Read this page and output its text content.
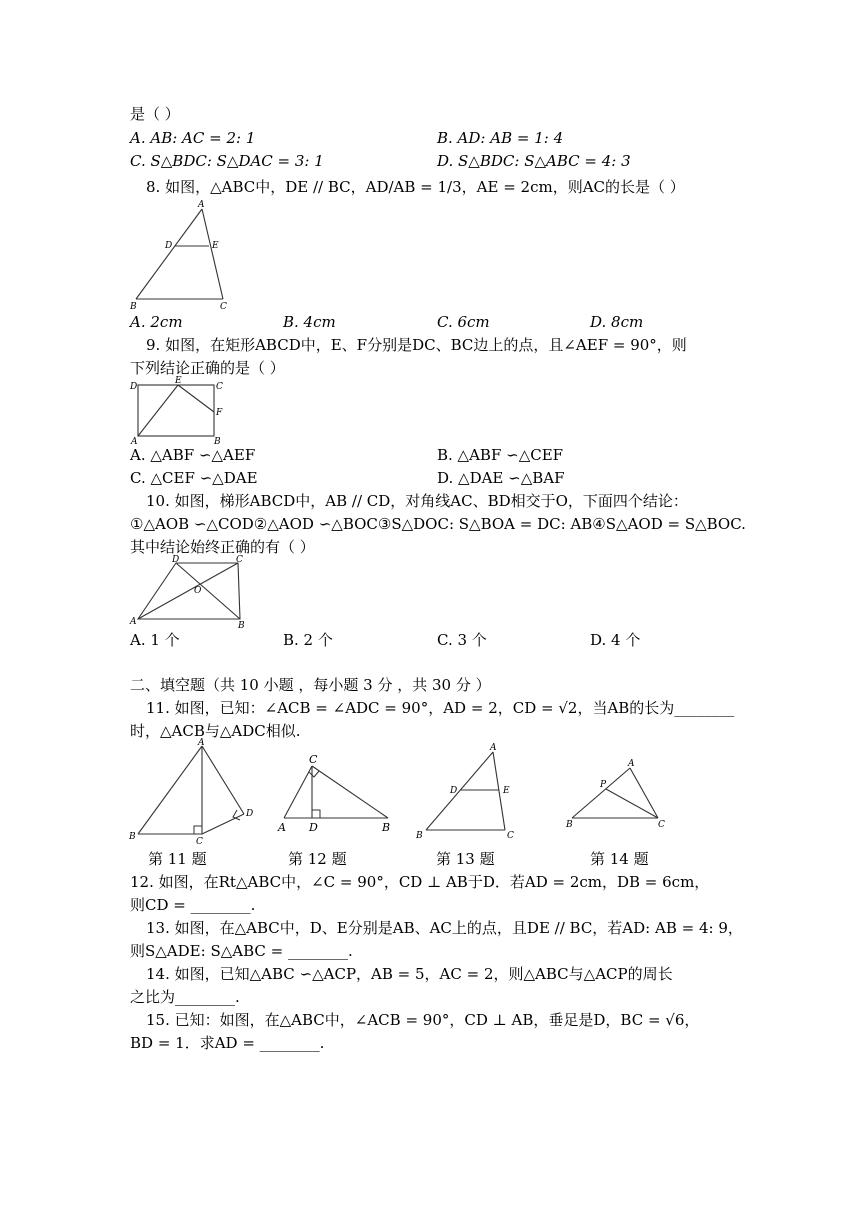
是（ ）
A. AB: AC = 2: 1	B. AD: AB = 1: 4
C. S△BDC: S△DAC = 3: 1	D. S△BDC: S△ABC = 4: 3
8. 如图，△ABC中，DE // BC，AD/AB = 1/3，AE = 2cm，则AC的长是（ ）
A
D	E
B	C
A. 2cm	B. 4cm	C. 6cm	D. 8cm
9. 如图，在矩形ABCD中，E、F分别是DC、BC边上的点，且∠AEF = 90°，则
下列结论正确的是（ ）
D
E
C
F
A	B
A. △ABF ∽△AEF	B. △ABF ∽△CEF
C. △CEF ∽△DAE	D. △DAE ∽△BAF
10. 如图，梯形ABCD中，AB // CD，对角线AC、BD相交于O，下面四个结论：
①△AOB ∽△COD②△AOD ∽△BOC③S△DOC: S△BOA = DC: AB④S△AOD = S△BOC.
其中结论始终正确的有（ ）
D	C
O
A	B
A. 1 个	B. 2 个	C. 3 个	D. 4 个
二、填空题（共 10 小题 ，每小题 3 分 ，共 30 分 ）
11. 如图，已知：∠ACB = ∠ADC = 90°，AD = 2，CD = √2，当AB的长为________
时，△ACB与△ADC相似.
A
D
B	C
第 11 题
C
A D	B
第 12 题
A
D	E
B	C
第 13 题
A
P
B	C
第 14 题
12. 如图，在Rt△ABC中，∠C = 90°，CD ⊥ AB于D．若AD = 2cm，DB = 6cm，
则CD = ________.
13. 如图，在△ABC中，D、E分别是AB、AC上的点，且DE // BC，若AD: AB = 4: 9，
则S△ADE: S△ABC = ________.
14. 如图，已知△ABC ∽△ACP，AB = 5，AC = 2，则△ABC与△ACP的周长
之比为________.
15. 已知：如图，在△ABC中，∠ACB = 90°，CD ⊥ AB，垂足是D，BC = √6，
BD = 1．求AD = ________.
